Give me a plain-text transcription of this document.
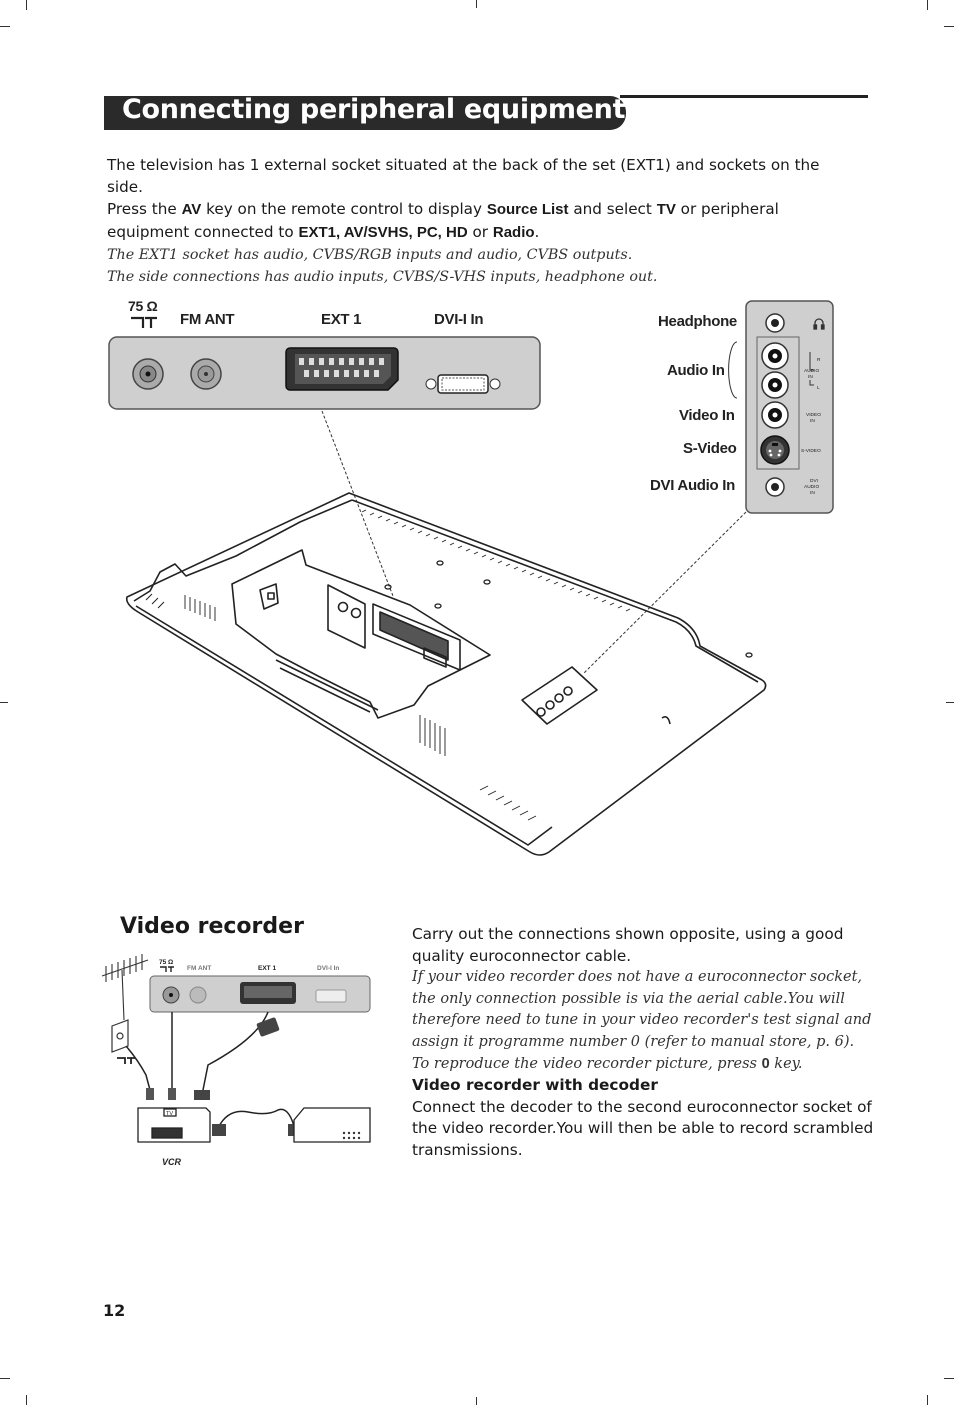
Connecting peripheral equipment

The television has 1 external socket situated at the back of the set (EXT1) and sockets on the side.

Press the AV key on the remote control to display Source List and select TV or peripheral

equipment connected to EXT1, AV/SVHS, PC, HD or Radio.

The EXT1 socket has audio, CVBS/RGB inputs and audio, CVBS outputs.

The side connections has audio inputs, CVBS/S-VHS inputs, headphone out.

75 Ω
FM ANT	EXT 1	DVI-I In	Headphone
Audio In
Video In
S-Video
DVI Audio In
R
AUDIO
IN
L
VIDEO
IN
S-VIDEO
DVI
AUDIO
IN
Video recorder
75 Ω
FM ANT	EXT 1	DVI-I In
TV
VCR

Carry out the connections shown opposite, using a good quality euroconnector cable.

If your video recorder does not have a euroconnector socket, the only connection possible is via the aerial cable.You will therefore need to tune in your video recorder's test signal and assign it programme number 0 (refer to manual store, p. 6).

To reproduce the video recorder picture, press 0 key.

Video recorder with decoder

Connect the decoder to the second euroconnector socket of the video recorder.You will then be able to record scrambled transmissions.

12
